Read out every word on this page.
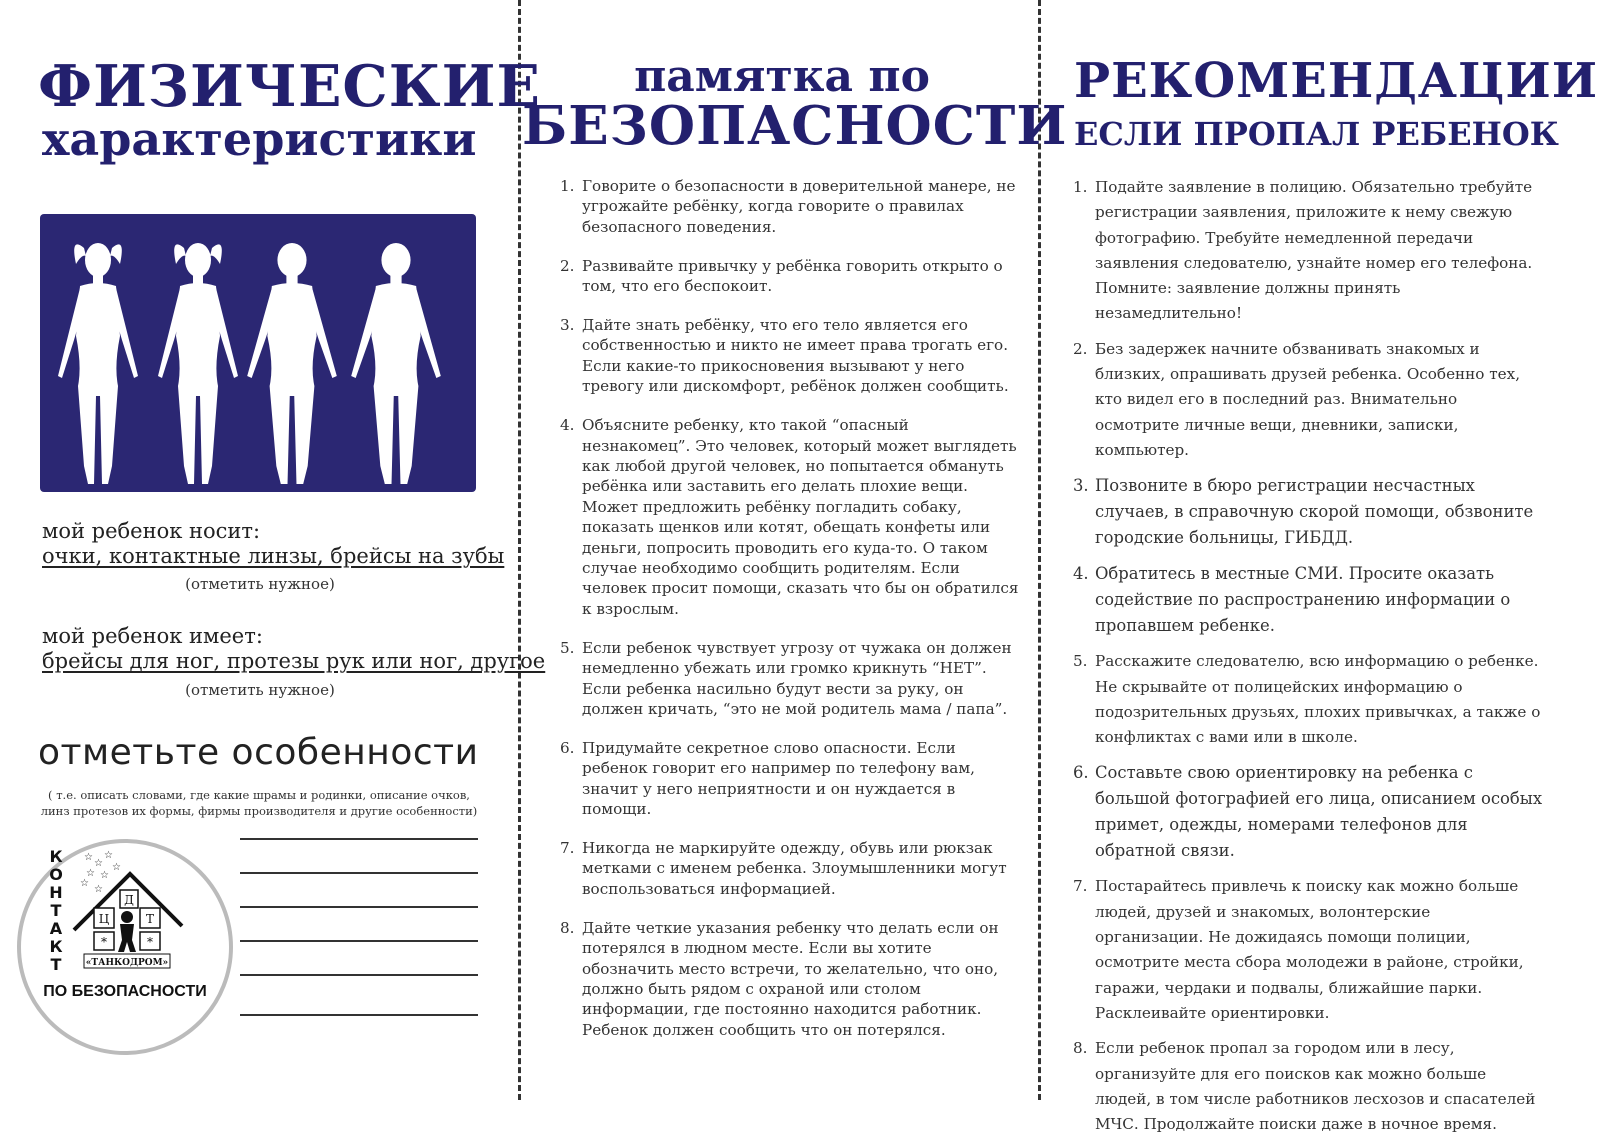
ФИЗИЧЕСКИЕ
характеристики
мой ребенок носит:
очки, контактные линзы, брейсы на зубы
(отметить нужное)
мой ребенок имеет:
брейсы для ног, протезы рук или ног, другое
(отметить нужное)
отметьте особенности
( т.е. описать словами, где какие шрамы и родинки, описание очков, линз протезов их формы, фирмы производителя и другие особенности)
☆
☆
☆
☆ ☆
☆
☆
☆
К
О
Н
Т
А
К
Т
Д
Ц	Т
*	*
«ТАНКОДРОМ»
ПО БЕЗОПАСНОСТИ
памятка по
БЕЗОПАСНОСТИ
1. Говорите о безопасности в доверительной манере, не угрожайте ребёнку, когда говорите о правилах безопасного поведения.
2. Развивайте привычку у ребёнка говорить открыто о том, что его беспокоит.
3. Дайте знать ребёнку, что его тело является его собственностью и никто не имеет права трогать его. Если какие-то прикосновения вызывают у него тревогу или дискомфорт, ребёнок должен сообщить.
4. Объясните ребенку, кто такой “опасный незнакомец”. Это человек, который может выглядеть как любой другой человек, но попытается обмануть ребёнка или заставить его делать плохие вещи. Может предложить ребёнку погладить собаку, показать щенков или котят, обещать конфеты или деньги, попросить проводить его куда-то. О таком случае необходимо сообщить родителям. Если человек просит помощи, сказать что бы он обратился к взрослым.
5. Если ребенок чувствует угрозу от чужака он должен немедленно убежать или громко крикнуть “НЕТ”. Если ребенка насильно будут вести за руку, он должен кричать, “это не мой родитель мама / папа”.
6. Придумайте секретное слово опасности. Если ребенок говорит его например по телефону вам, значит у него неприятности и он нуждается в помощи.
7. Никогда не маркируйте одежду, обувь или рюкзак метками с именем ребенка. Злоумышленники могут воспользоваться информацией.
8. Дайте четкие указания ребенку что делать если он потерялся в людном месте. Если вы хотите обозначить место встречи, то желательно, что оно, должно быть рядом с охраной или столом информации, где постоянно находится работник. Ребенок должен сообщить что он потерялся.
РЕКОМЕНДАЦИИ
ЕСЛИ ПРОПАЛ РЕБЕНОК
1. Подайте заявление в полицию. Обязательно требуйте регистрации заявления, приложите к нему свежую фотографию. Требуйте немедленной передачи заявления следователю, узнайте номер его телефона. Помните: заявление должны принять незамедлительно!
2. Без задержек начните обзванивать знакомых и близких, опрашивать друзей ребенка. Особенно тех, кто видел его в последний раз. Внимательно осмотрите личные вещи, дневники, записки, компьютер.
3. Позвоните в бюро регистрации несчастных случаев, в справочную скорой помощи, обзвоните городские больницы, ГИБДД.
4. Обратитесь в местные СМИ. Просите оказать содействие по распространению информации о пропавшем ребенке.
5. Расскажите следователю, всю информацию о ребенке. Не скрывайте от полицейских информацию о подозрительных друзьях, плохих привычках, а также о конфликтах с вами или в школе.
6. Составьте свою ориентировку на ребенка с большой фотографией его лица, описанием особых примет, одежды, номерами телефонов для обратной связи.
7. Постарайтесь привлечь к поиску как можно больше людей, друзей и знакомых, волонтерские организации. Не дожидаясь помощи полиции, осмотрите места сбора молодежи в районе, стройки, гаражи, чердаки и подвалы, ближайшие парки. Расклеивайте ориентировки.
8. Если ребенок пропал за городом или в лесу, организуйте для его поисков как можно больше людей, в том числе работников лесхозов и спасателей МЧС. Продолжайте поиски даже в ночное время.
